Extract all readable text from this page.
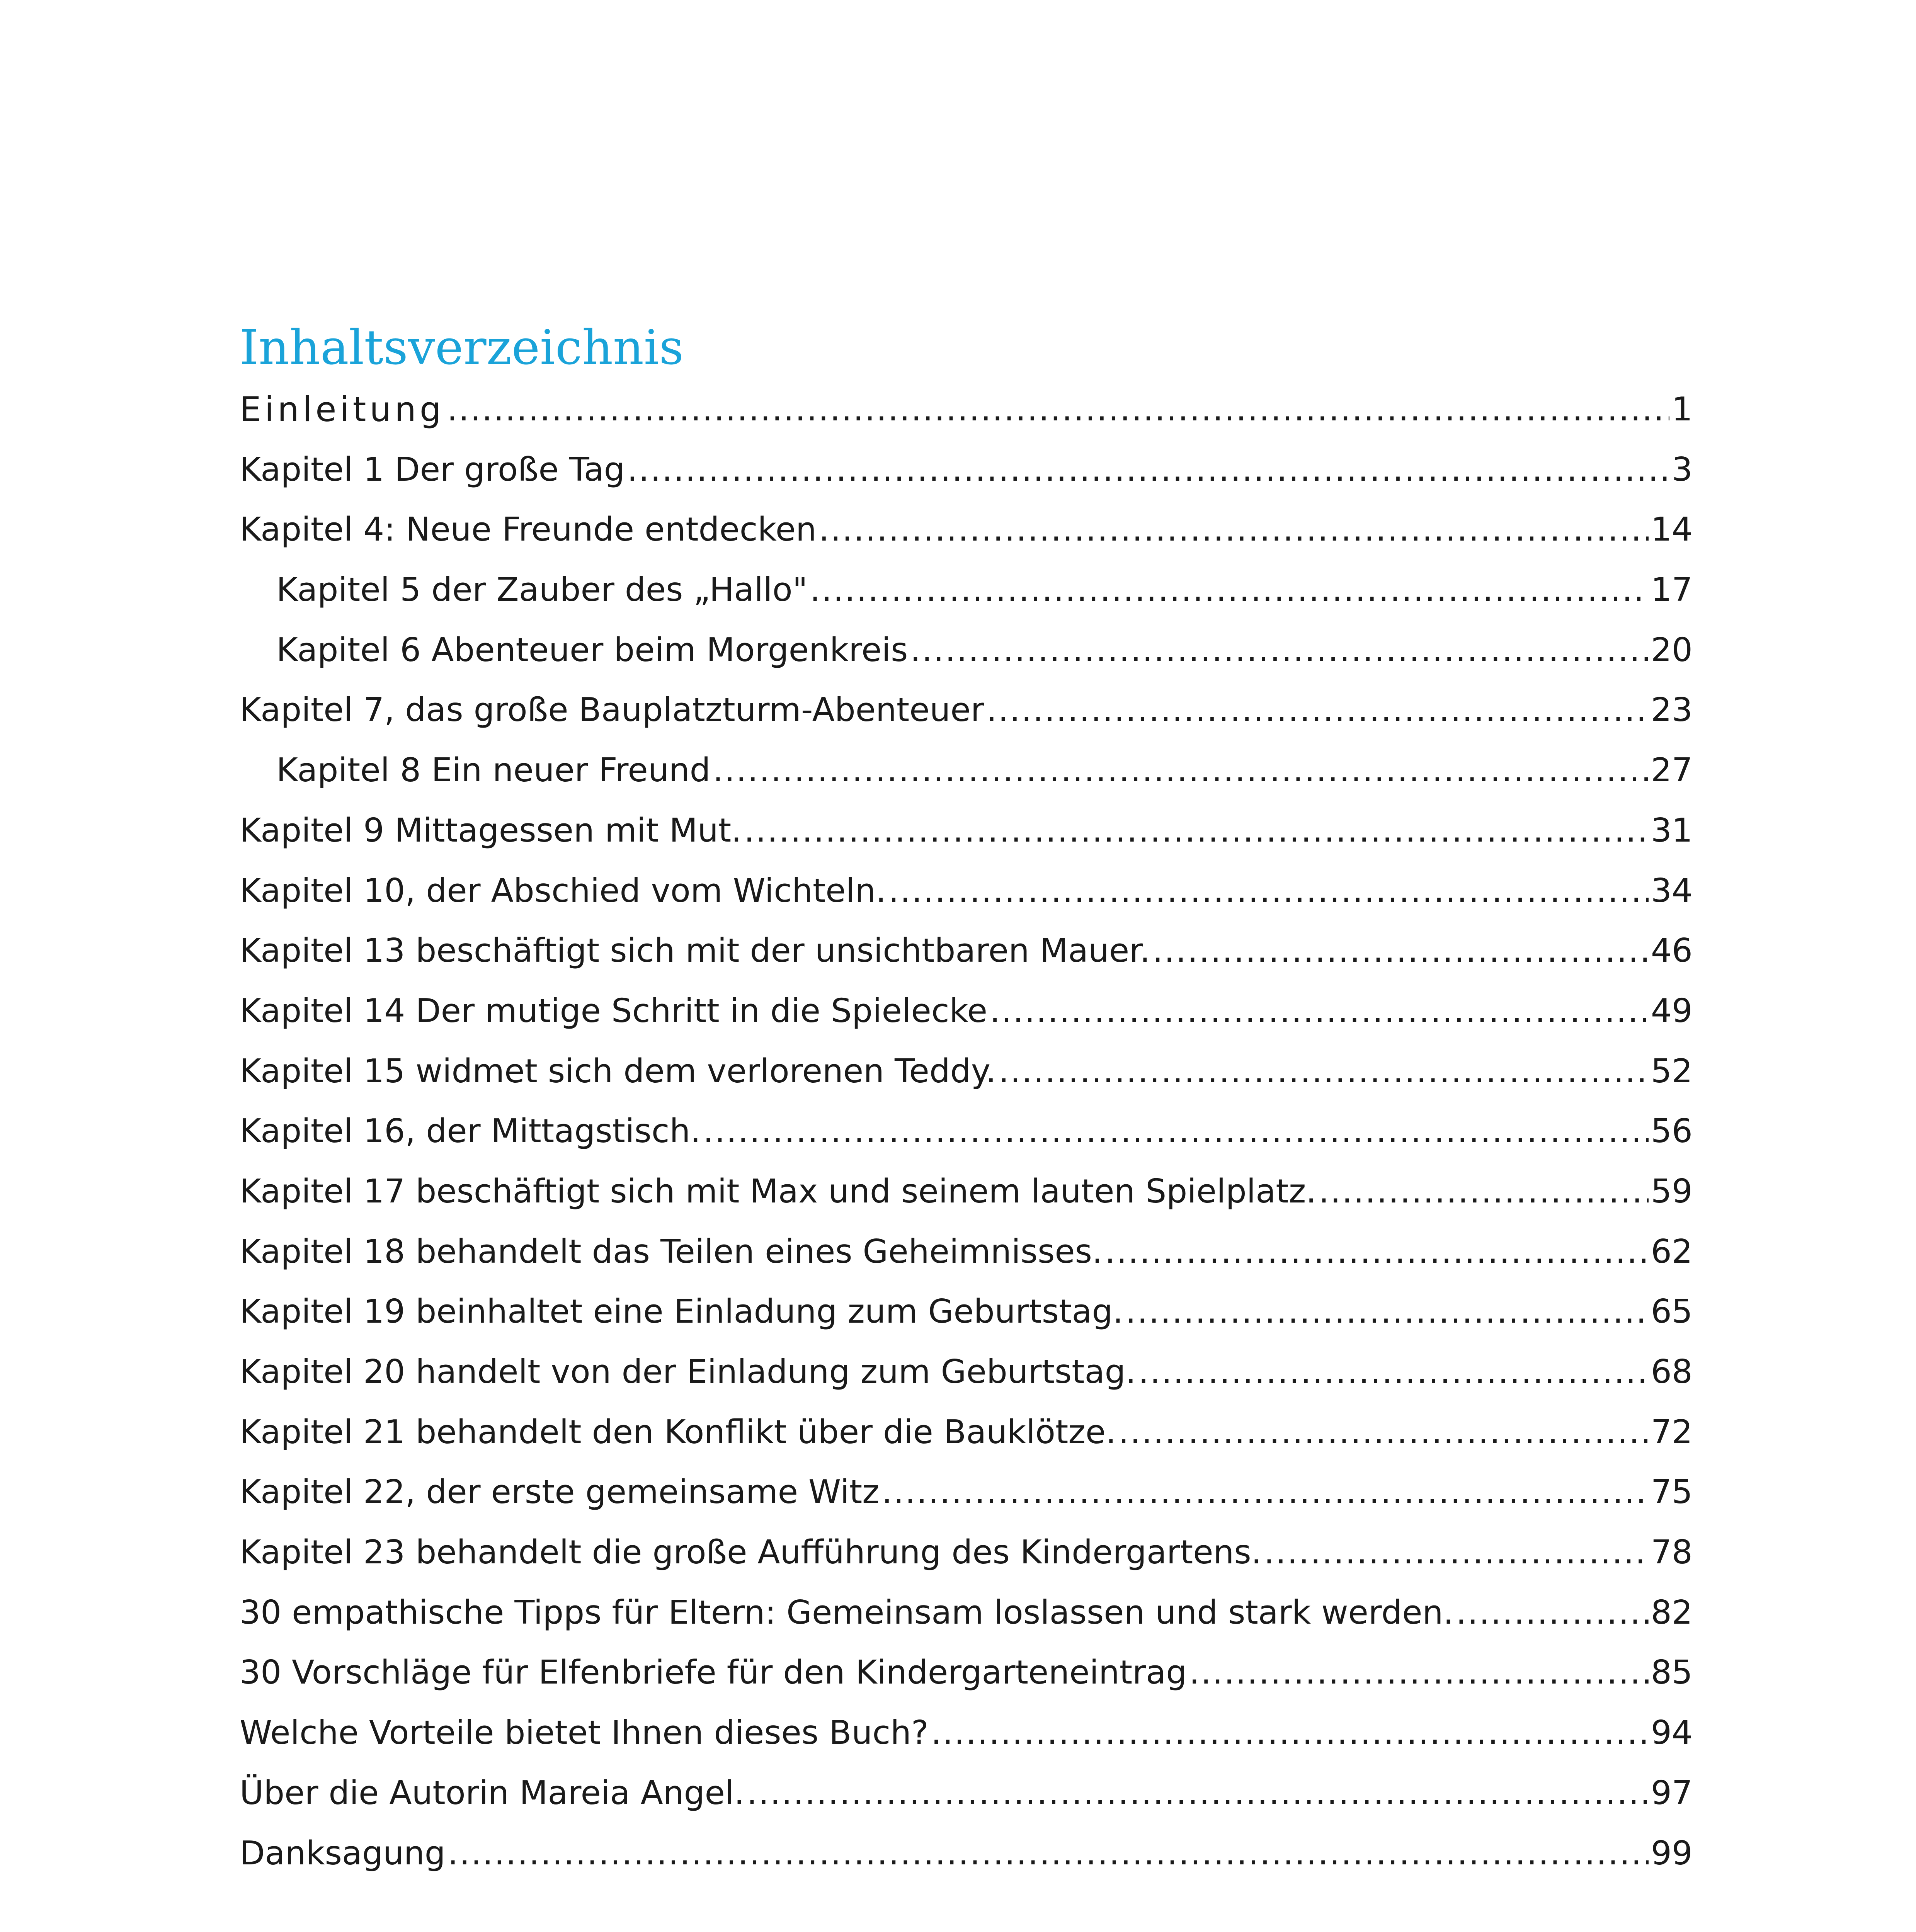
Inhaltsverzeichnis
Einleitung .....	1
Kapitel 1 Der große Tag .....	3
Kapitel 4: Neue Freunde entdecken .....	14
Kapitel 5 der Zauber des „Hallo" .....	17
Kapitel 6 Abenteuer beim Morgenkreis .....	20
Kapitel 7, das große Bauplatzturm-Abenteuer .....	23
Kapitel 8 Ein neuer Freund .....	27
Kapitel 9 Mittagessen mit Mut. .....	31
Kapitel 10, der Abschied vom Wichteln. .....	34
Kapitel 13 beschäftigt sich mit der unsichtbaren Mauer. .....	46
Kapitel 14 Der mutige Schritt in die Spielecke .....	49
Kapitel 15 widmet sich dem verlorenen Teddy. .....	52
Kapitel 16, der Mittagstisch. .....	56
Kapitel 17 beschäftigt sich mit Max und seinem lauten Spielplatz. .....	59
Kapitel 18 behandelt das Teilen eines Geheimnisses. .....	62
Kapitel 19 beinhaltet eine Einladung zum Geburtstag. .....	65
Kapitel 20 handelt von der Einladung zum Geburtstag. .....	68
Kapitel 21 behandelt den Konflikt über die Bauklötze. .....	72
Kapitel 22, der erste gemeinsame Witz .....	75
Kapitel 23 behandelt die große Aufführung des Kindergartens. .....	78
30 empathische Tipps für Eltern: Gemeinsam loslassen und stark werden. .....	82
30 Vorschläge für Elfenbriefe für den Kindergarteneintrag .....	85
Welche Vorteile bietet Ihnen dieses Buch? .....	94
Über die Autorin Mareia Angel. .....	97
Danksagung .....	99
